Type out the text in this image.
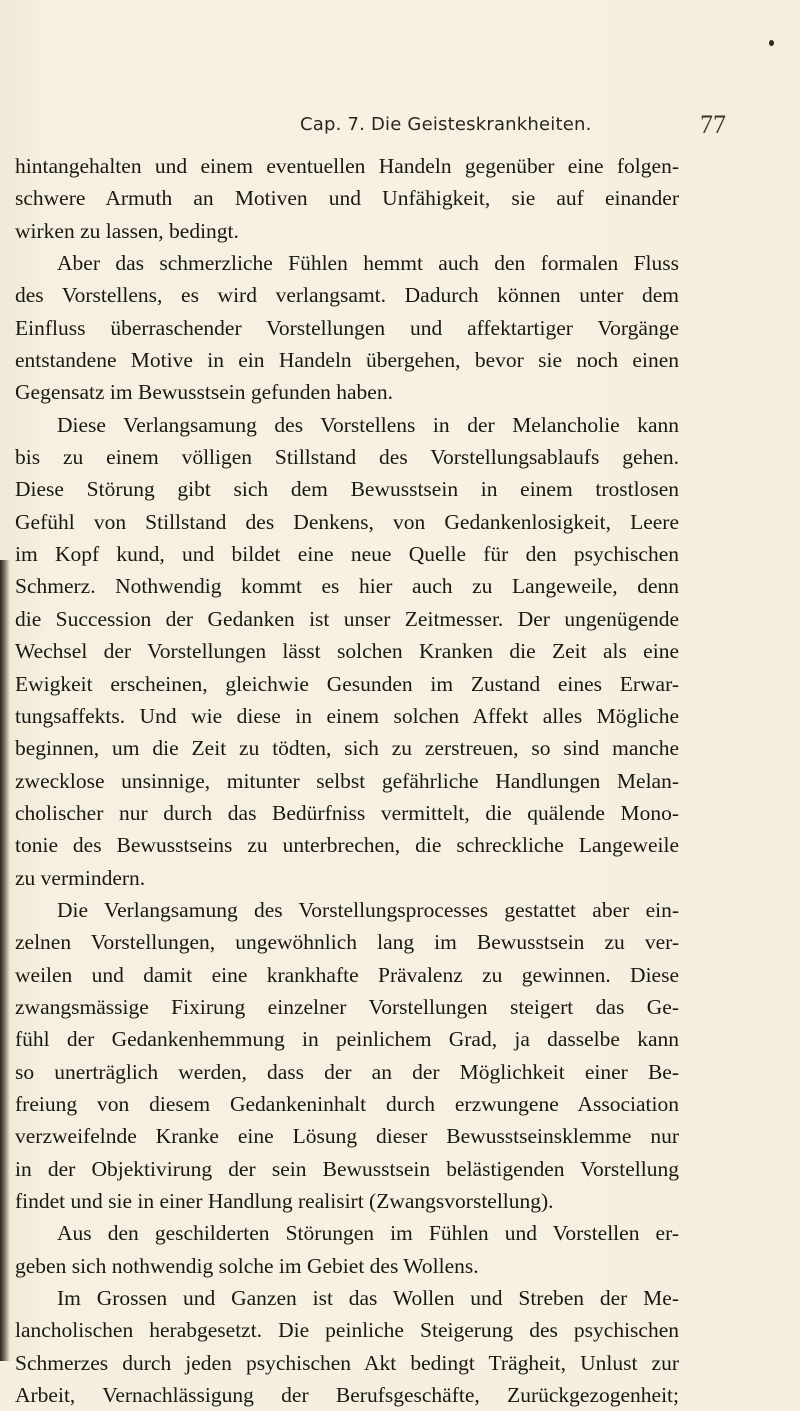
Cap. 7. Die Geisteskrankheiten.	77
hintangehalten und einem eventuellen Handeln gegenüber eine folgen-
schwere Armuth an Motiven und Unfähigkeit, sie auf einander
wirken zu lassen, bedingt.
Aber das schmerzliche Fühlen hemmt auch den formalen Fluss
des Vorstellens, es wird verlangsamt. Dadurch können unter dem
Einfluss überraschender Vorstellungen und affektartiger Vorgänge
entstandene Motive in ein Handeln übergehen, bevor sie noch einen
Gegensatz im Bewusstsein gefunden haben.
Diese Verlangsamung des Vorstellens in der Melancholie kann
bis zu einem völligen Stillstand des Vorstellungsablaufs gehen.
Diese Störung gibt sich dem Bewusstsein in einem trostlosen
Gefühl von Stillstand des Denkens, von Gedankenlosigkeit, Leere
im Kopf kund, und bildet eine neue Quelle für den psychischen
Schmerz. Nothwendig kommt es hier auch zu Langeweile, denn
die Succession der Gedanken ist unser Zeitmesser. Der ungenügende
Wechsel der Vorstellungen lässt solchen Kranken die Zeit als eine
Ewigkeit erscheinen, gleichwie Gesunden im Zustand eines Erwar-
tungsaffekts. Und wie diese in einem solchen Affekt alles Mögliche
beginnen, um die Zeit zu tödten, sich zu zerstreuen, so sind manche
zwecklose unsinnige, mitunter selbst gefährliche Handlungen Melan-
cholischer nur durch das Bedürfniss vermittelt, die quälende Mono-
tonie des Bewusstseins zu unterbrechen, die schreckliche Langeweile
zu vermindern.
Die Verlangsamung des Vorstellungsprocesses gestattet aber ein-
zelnen Vorstellungen, ungewöhnlich lang im Bewusstsein zu ver-
weilen und damit eine krankhafte Prävalenz zu gewinnen. Diese
zwangsmässige Fixirung einzelner Vorstellungen steigert das Ge-
fühl der Gedankenhemmung in peinlichem Grad, ja dasselbe kann
so unerträglich werden, dass der an der Möglichkeit einer Be-
freiung von diesem Gedankeninhalt durch erzwungene Association
verzweifelnde Kranke eine Lösung dieser Bewusstseinsklemme nur
in der Objektivirung der sein Bewusstsein belästigenden Vorstellung
findet und sie in einer Handlung realisirt (Zwangsvorstellung).
Aus den geschilderten Störungen im Fühlen und Vorstellen er-
geben sich nothwendig solche im Gebiet des Wollens.
Im Grossen und Ganzen ist das Wollen und Streben der Me-
lancholischen herabgesetzt. Die peinliche Steigerung des psychischen
Schmerzes durch jeden psychischen Akt bedingt Trägheit, Unlust zur
Arbeit, Vernachlässigung der Berufsgeschäfte, Zurückgezogenheit;
